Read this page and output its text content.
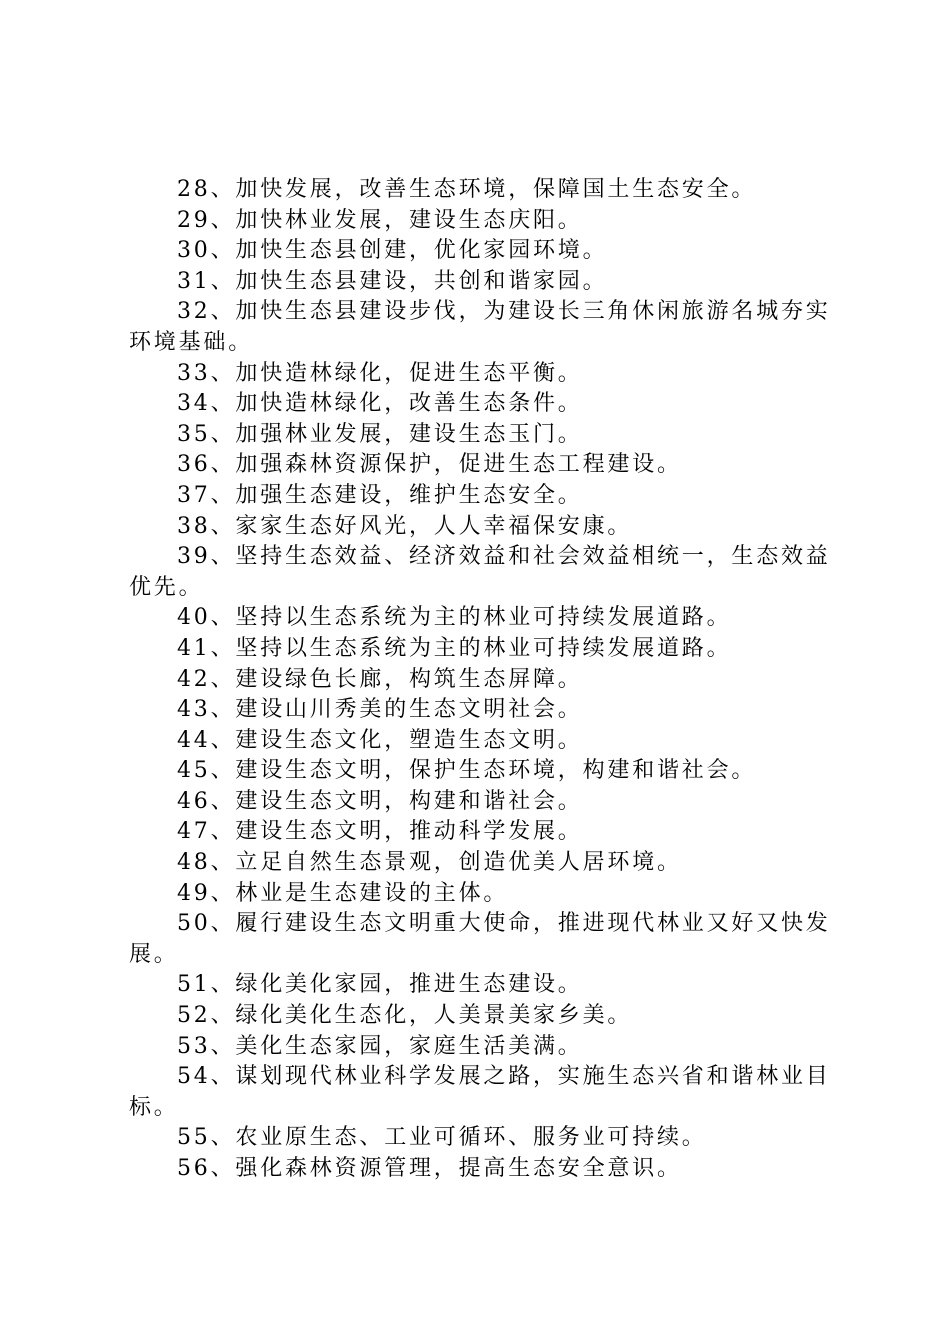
28、加快发展，改善生态环境，保障国土生态安全。

29、加快林业发展，建设生态庆阳。

30、加快生态县创建，优化家园环境。

31、加快生态县建设，共创和谐家园。

32、加快生态县建设步伐，为建设长三角休闲旅游名城夯实环境基础。

33、加快造林绿化，促进生态平衡。

34、加快造林绿化，改善生态条件。

35、加强林业发展，建设生态玉门。

36、加强森林资源保护，促进生态工程建设。

37、加强生态建设，维护生态安全。

38、家家生态好风光，人人幸福保安康。

39、坚持生态效益、经济效益和社会效益相统一，生态效益优先。

40、坚持以生态系统为主的林业可持续发展道路。

41、坚持以生态系统为主的林业可持续发展道路。

42、建设绿色长廊，构筑生态屏障。

43、建设山川秀美的生态文明社会。

44、建设生态文化，塑造生态文明。

45、建设生态文明，保护生态环境，构建和谐社会。

46、建设生态文明，构建和谐社会。

47、建设生态文明，推动科学发展。

48、立足自然生态景观，创造优美人居环境。

49、林业是生态建设的主体。

50、履行建设生态文明重大使命，推进现代林业又好又快发展。

51、绿化美化家园，推进生态建设。

52、绿化美化生态化，人美景美家乡美。

53、美化生态家园，家庭生活美满。

54、谋划现代林业科学发展之路，实施生态兴省和谐林业目标。

55、农业原生态、工业可循环、服务业可持续。

56、强化森林资源管理，提高生态安全意识。
